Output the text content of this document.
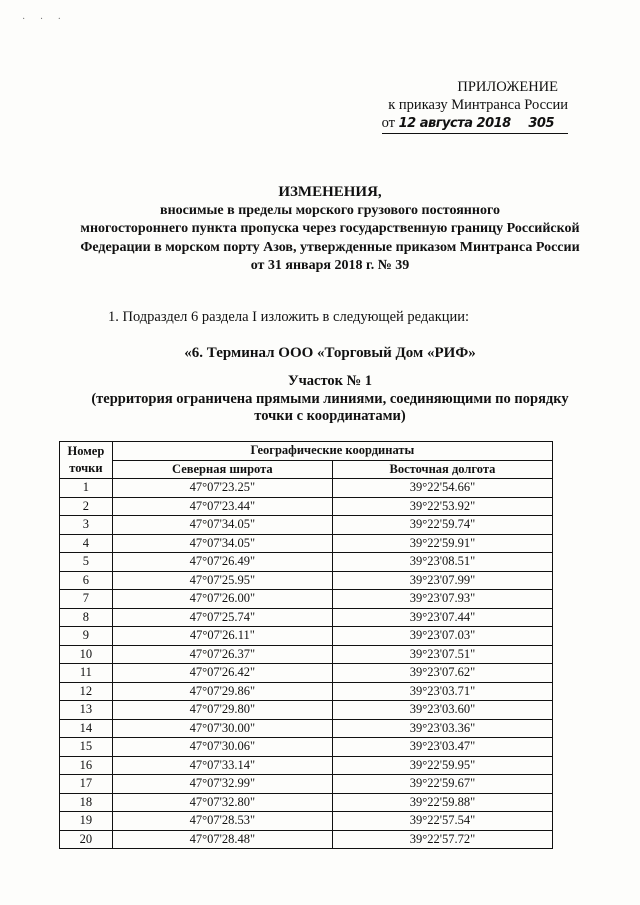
· · ·
ПРИЛОЖЕНИЕ
к приказу Минтранса России
от 12 августа 2018 305
ИЗМЕНЕНИЯ,
вносимые в пределы морского грузового постоянного
многостороннего пункта пропуска через государственную границу Российской
Федерации в морском порту Азов, утвержденные приказом Минтранса России
от 31 января 2018 г. № 39
1. Подраздел 6 раздела I изложить в следующей редакции:
«6. Терминал ООО «Торговый Дом «РИФ»
Участок № 1
(территория ограничена прямыми линиями, соединяющими по порядку
точки с координатами)
Номер
точки	Географические координаты	
	Северная широта	Восточная долгота
1	47°07'23.25"	39°22'54.66"
2	47°07'23.44"	39°22'53.92"
3	47°07'34.05"	39°22'59.74"
4	47°07'34.05"	39°22'59.91"
5	47°07'26.49"	39°23'08.51"
6	47°07'25.95"	39°23'07.99"
7	47°07'26.00"	39°23'07.93"
8	47°07'25.74"	39°23'07.44"
9	47°07'26.11"	39°23'07.03"
10	47°07'26.37"	39°23'07.51"
11	47°07'26.42"	39°23'07.62"
12	47°07'29.86"	39°23'03.71"
13	47°07'29.80"	39°23'03.60"
14	47°07'30.00"	39°23'03.36"
15	47°07'30.06"	39°23'03.47"
16	47°07'33.14"	39°22'59.95"
17	47°07'32.99"	39°22'59.67"
18	47°07'32.80"	39°22'59.88"
19	47°07'28.53"	39°22'57.54"
20	47°07'28.48"	39°22'57.72"
